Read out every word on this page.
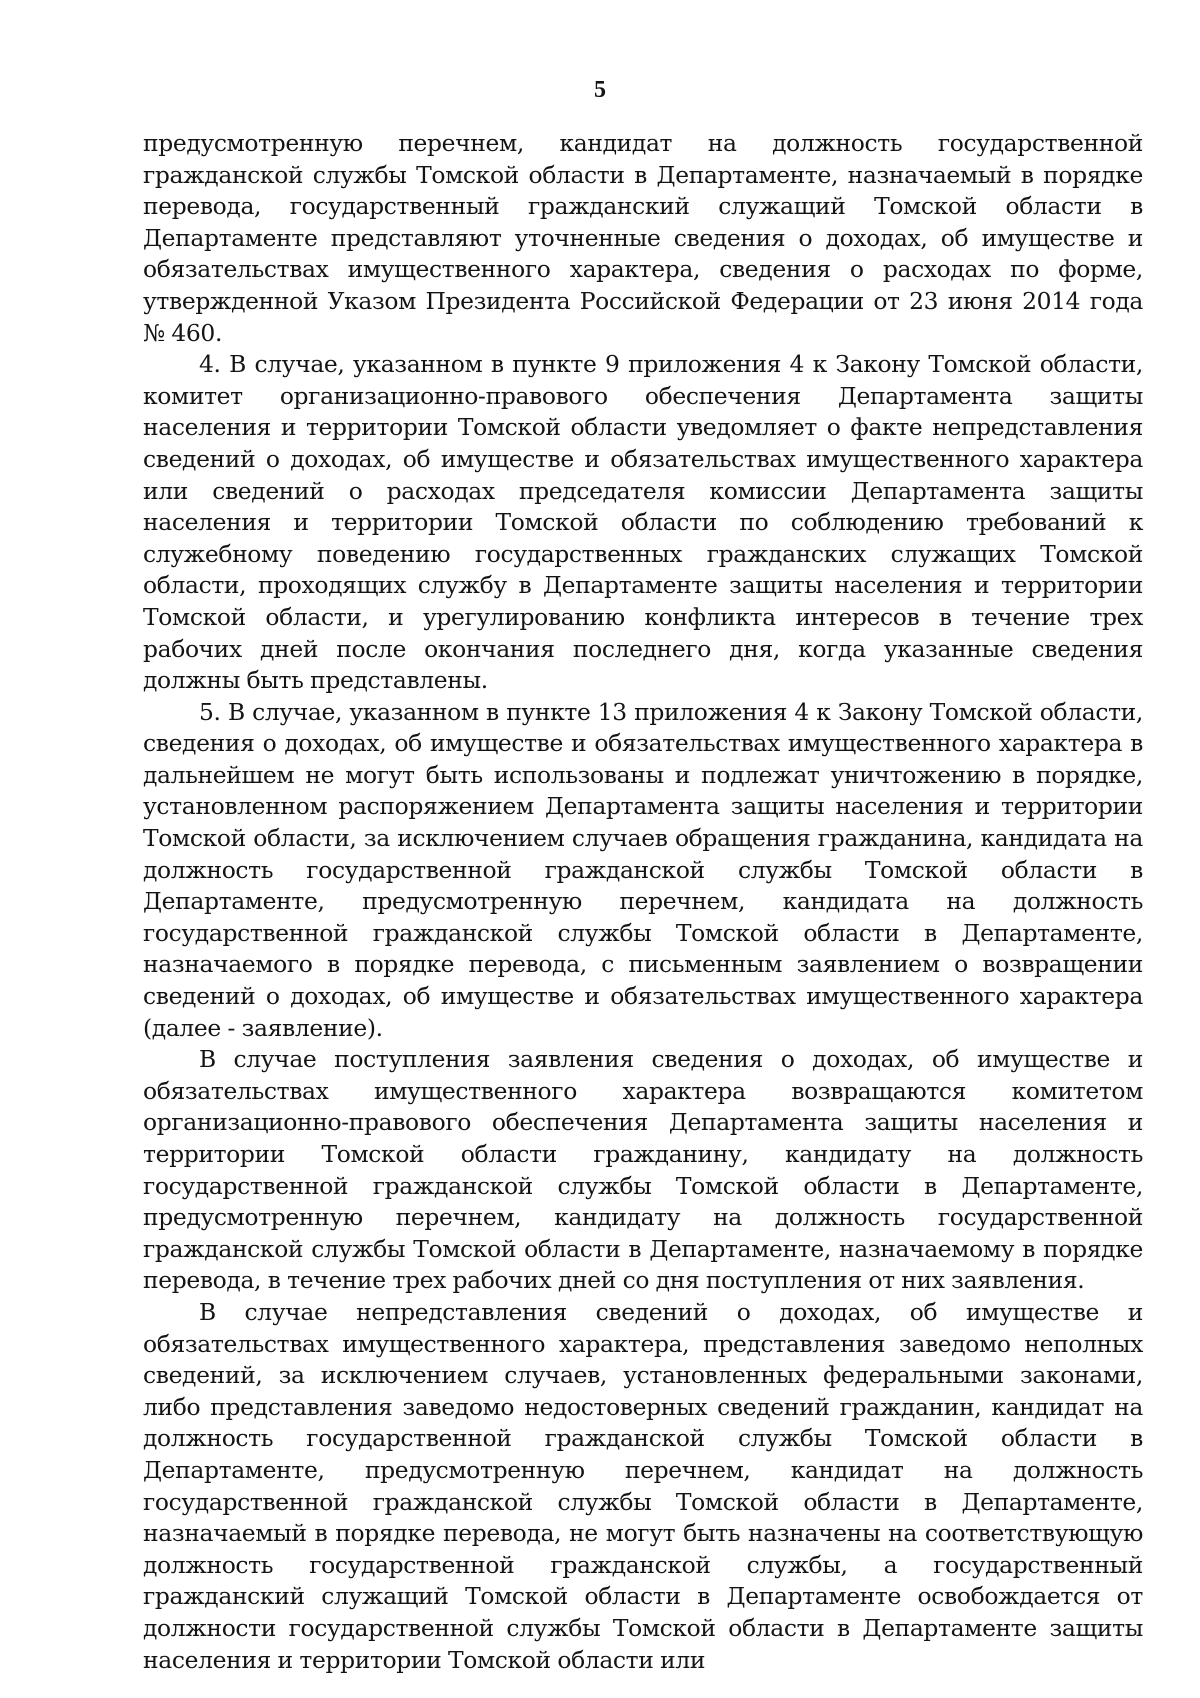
5

предусмотренную перечнем, кандидат на должность государственной гражданской службы Томской области в Департаменте, назначаемый в порядке перевода, государственный гражданский служащий Томской области в Департаменте представляют уточненные сведения о доходах, об имуществе и обязательствах имущественного характера, сведения о расходах по форме, утвержденной Указом Президента Российской Федерации от 23 июня 2014 года № 460.

4. В случае, указанном в пункте 9 приложения 4 к Закону Томской области, комитет организационно-правового обеспечения Департамента защиты населения и территории Томской области уведомляет о факте непредставления сведений о доходах, об имуществе и обязательствах имущественного характера или сведений о расходах председателя комиссии Департамента защиты населения и территории Томской области по соблюдению требований к служебному поведению государственных гражданских служащих Томской области, проходящих службу в Департаменте защиты населения и территории Томской области, и урегулированию конфликта интересов в течение трех рабочих дней после окончания последнего дня, когда указанные сведения должны быть представлены.

5. В случае, указанном в пункте 13 приложения 4 к Закону Томской области, сведения о доходах, об имуществе и обязательствах имущественного характера в дальнейшем не могут быть использованы и подлежат уничтожению в порядке, установленном распоряжением Департамента защиты населения и территории Томской области, за исключением случаев обращения гражданина, кандидата на должность государственной гражданской службы Томской области в Департаменте, предусмотренную перечнем, кандидата на должность государственной гражданской службы Томской области в Департаменте, назначаемого в порядке перевода, с письменным заявлением о возвращении сведений о доходах, об имуществе и обязательствах имущественного характера (далее - заявление).

В случае поступления заявления сведения о доходах, об имуществе и обязательствах имущественного характера возвращаются комитетом организационно-правового обеспечения Департамента защиты населения и территории Томской области гражданину, кандидату на должность государственной гражданской службы Томской области в Департаменте, предусмотренную перечнем, кандидату на должность государственной гражданской службы Томской области в Департаменте, назначаемому в порядке перевода, в течение трех рабочих дней со дня поступления от них заявления.

В случае непредставления сведений о доходах, об имуществе и обязательствах имущественного характера, представления заведомо неполных сведений, за исключением случаев, установленных федеральными законами, либо представления заведомо недостоверных сведений гражданин, кандидат на должность государственной гражданской службы Томской области в Департаменте, предусмотренную перечнем, кандидат на должность государственной гражданской службы Томской области в Департаменте, назначаемый в порядке перевода, не могут быть назначены на соответствующую должность государственной гражданской службы, а государственный гражданский служащий Томской области в Департаменте освобождается от должности государственной службы Томской области в Департаменте защиты населения и территории Томской области или
